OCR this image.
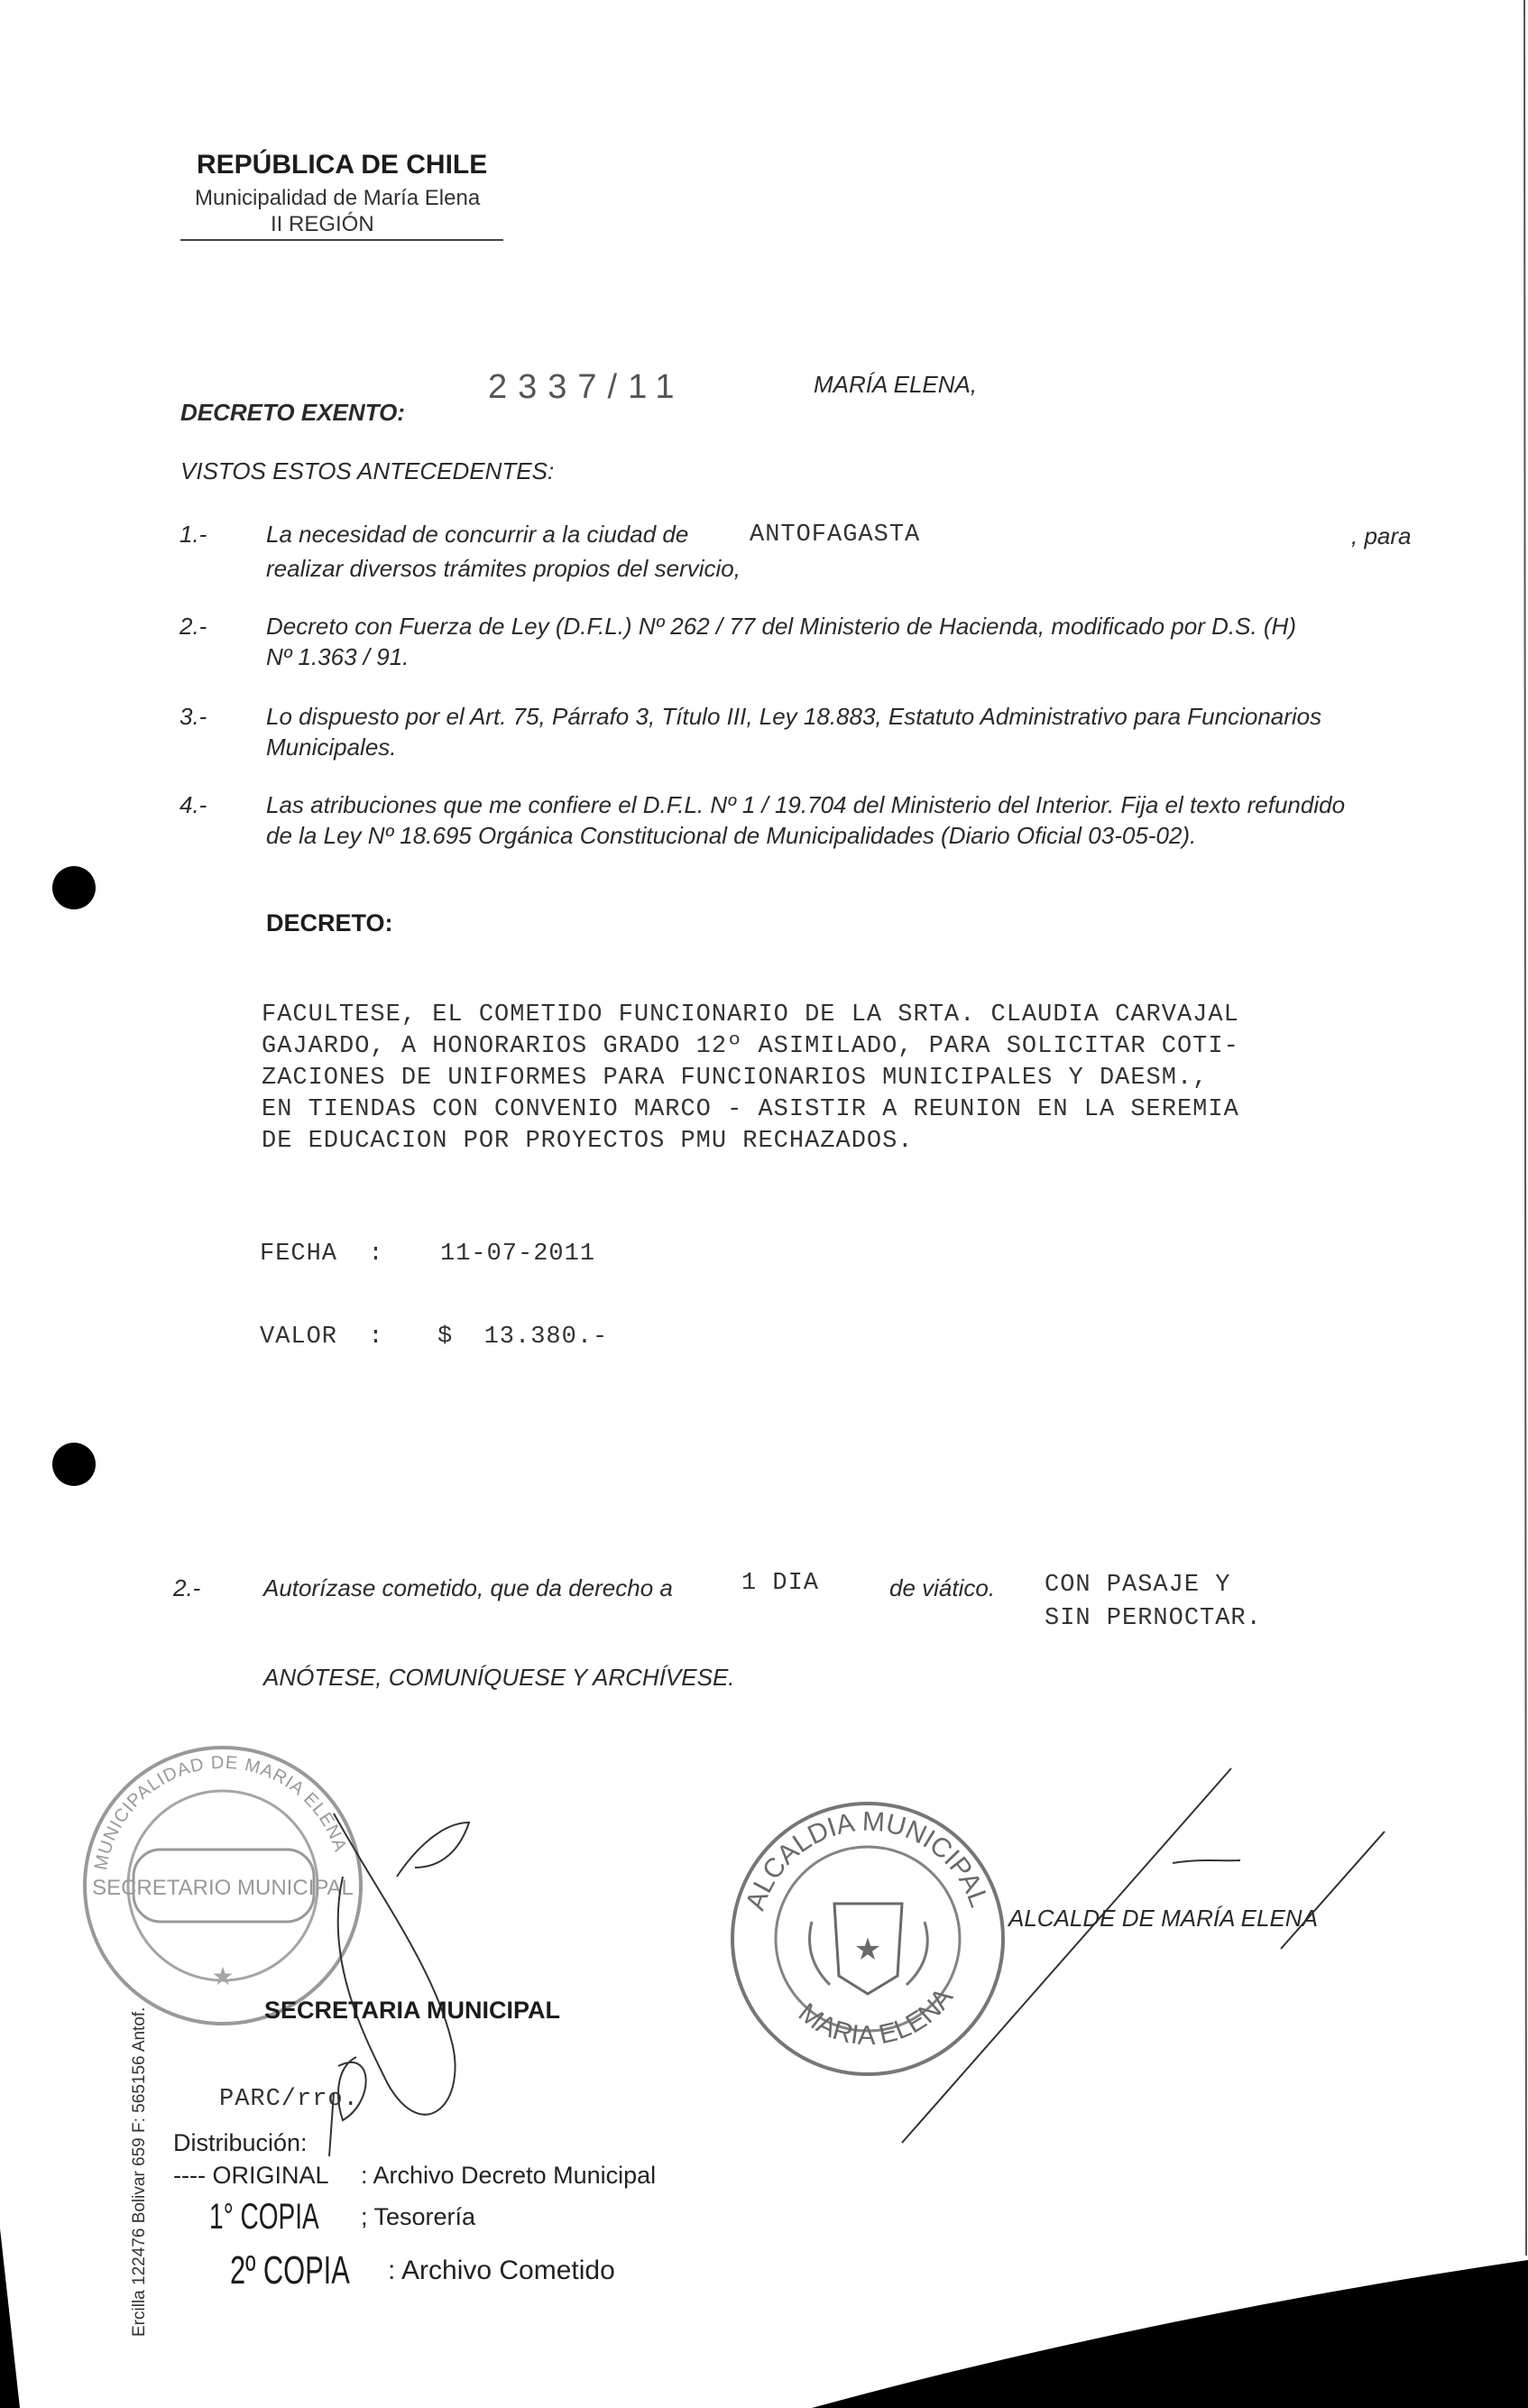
MUNICIPALIDAD DE MARIA ELENA
SECRETARIO MUNICIPAL
★
ALCALDIA MUNICIPAL
MARIA ELENA
★
Ercilla 122476 Bolivar 659 F: 565156 Antof.
REPÚBLICA DE CHILE
Municipalidad de María Elena
II REGIÓN
DECRETO EXENTO:
2337/11	MARÍA ELENA,
VISTOS ESTOS ANTECEDENTES:
1.-	La necesidad de concurrir a la ciudad de	ANTOFAGASTA	, para
realizar diversos trámites propios del servicio,
2.-	Decreto con Fuerza de Ley (D.F.L.) Nº 262 / 77 del Ministerio de Hacienda, modificado por D.S. (H)
Nº 1.363 / 91.
3.-	Lo dispuesto por el Art. 75, Párrafo 3, Título III, Ley 18.883, Estatuto Administrativo para Funcionarios
Municipales.
4.-	Las atribuciones que me confiere el D.F.L. Nº 1 / 19.704 del Ministerio del Interior. Fija el texto refundido
de la Ley Nº 18.695 Orgánica Constitucional de Municipalidades (Diario Oficial 03-05-02).
DECRETO:
FACULTESE, EL COMETIDO FUNCIONARIO DE LA SRTA. CLAUDIA CARVAJAL
GAJARDO, A HONORARIOS GRADO 12º ASIMILADO, PARA SOLICITAR COTI-
ZACIONES DE UNIFORMES PARA FUNCIONARIOS MUNICIPALES Y DAESM.,
EN TIENDAS CON CONVENIO MARCO - ASISTIR A REUNION EN LA SEREMIA
DE EDUCACION POR PROYECTOS PMU RECHAZADOS.
FECHA  : 11-07-2011
VALOR  : $  13.380.-
2.-	Autorízase cometido, que da derecho a	1 DIA	de viático. CON PASAJE Y
SIN PERNOCTAR.
ANÓTESE, COMUNÍQUESE Y ARCHÍVESE.
ALCALDE DE MARÍA ELENA
SECRETARIA MUNICIPAL
PARC/rro.
Distribución:
---- ORIGINAL : Archivo Decreto Municipal
1° COPIA ; Tesorería
2º COPIA : Archivo Cometido
